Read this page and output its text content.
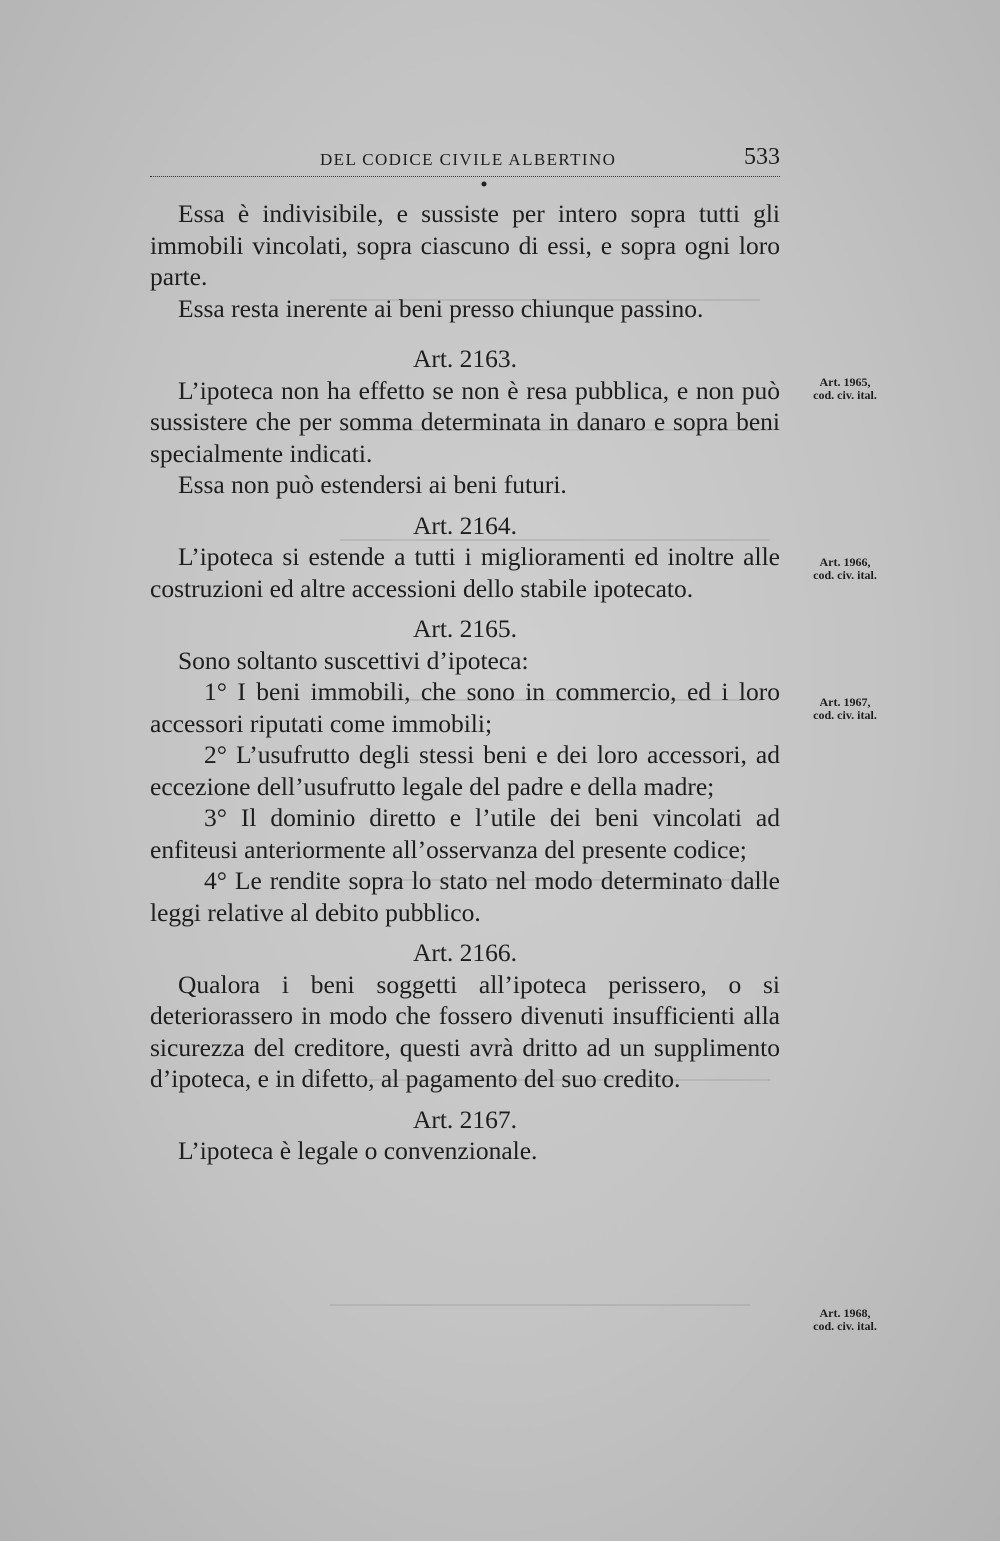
DEL CODICE CIVILE ALBERTINO	533

Essa è indivisibile, e sussiste per intero sopra tutti gli immobili vincolati, sopra ciascuno di essi, e sopra ogni loro parte.

Essa resta inerente ai beni presso chiunque passino.

Art. 2163.

L’ipoteca non ha effetto se non è resa pubblica, e non può sussistere che per somma determinata in danaro e sopra beni specialmente indicati.

Essa non può estendersi ai beni futuri.

Art. 2164.

L’ipoteca si estende a tutti i miglioramenti ed inoltre alle costruzioni ed altre accessioni dello stabile ipotecato.

Art. 2165.

Sono soltanto suscettivi d’ipoteca:

1° I beni immobili, che sono in commercio, ed i loro accessori riputati come immobili;

2° L’usufrutto degli stessi beni e dei loro accessori, ad eccezione dell’usufrutto legale del padre e della madre;

3° Il dominio diretto e l’utile dei beni vincolati ad enfiteusi anteriormente all’osservanza del presente codice;

4° Le rendite sopra lo stato nel modo determinato dalle leggi relative al debito pubblico.

Art. 2166.

Qualora i beni soggetti all’ipoteca perissero, o si deteriorassero in modo che fossero divenuti insufficienti alla sicurezza del creditore, questi avrà dritto ad un supplimento d’ipoteca, e in difetto, al pagamento del suo credito.

Art. 2167.

L’ipoteca è legale o convenzionale.

Art. 1965,
cod. civ. ital.
Art. 1966,
cod. civ. ital.
Art. 1967,
cod. civ. ital.
Art. 1968,
cod. civ. ital.
